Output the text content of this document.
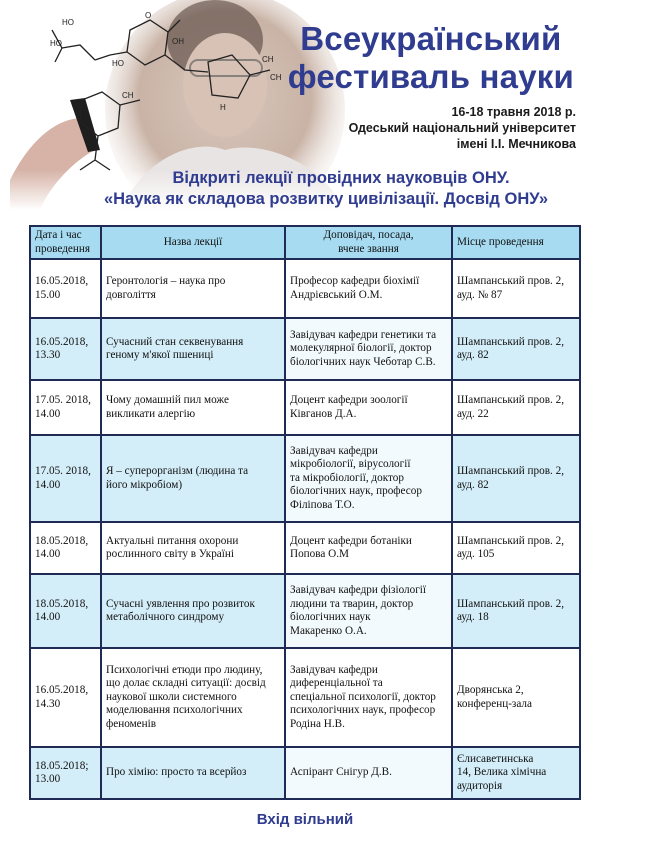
HO
HO
HO
OH
O
CH
CH
H
CH
Всеукраїнський
фестиваль науки
16-18 травня 2018 р.
Одеський національний університет
імені І.І. Мечникова
Відкриті лекції провідних науковців ОНУ.
«Наука як складова розвитку цивілізації. Досвід ОНУ»
Дата і час
проведення	Назва лекції	Доповідач, посада,
вчене звання	Місце проведення
16.05.2018,
15.00	Геронтологія – наука про
довголіття	Професор кафедри біохімії
Андрієвський О.М.	Шампанський пров. 2,
ауд. № 87
16.05.2018,
13.30	Сучасний стан секвенування
геному м'якої пшениці	Завідувач кафедри генетики та
молекулярної біології, доктор
біологічних наук Чеботар С.В.	Шампанський пров. 2,
ауд. 82
17.05. 2018,
14.00	Чому домашній пил може
викликати алергію	Доцент кафедри зоології
Ківганов Д.А.	Шампанський пров. 2,
ауд. 22
17.05. 2018,
14.00	Я – суперорганізм (людина та
його мікробіом)	Завідувач кафедри
мікробіології, вірусології
та мікробіології, доктор
біологічних наук, професор
Філіпова Т.О.	Шампанський пров. 2,
ауд. 82
18.05.2018,
14.00	Актуальні питання охорони
рослинного світу в Україні	Доцент кафедри ботаніки
Попова О.М	Шампанський пров. 2,
ауд. 105
18.05.2018,
14.00	Сучасні уявлення про розвиток
метаболічного синдрому	Завідувач кафедри фізіології
людини та тварин, доктор
біологічних наук
Макаренко О.А.	Шампанський пров. 2,
ауд. 18
16.05.2018,
14.30	Психологічні етюди про людину,
що долає складні ситуації: досвід
наукової школи системного
моделювання психологічних
феноменів	Завідувач кафедри
диференціальної та
спеціальної психології, доктор
психологічних наук, професор
Родіна Н.В.	Дворянська 2,
конференц-зала
18.05.2018;
13.00	Про хімію: просто та всерйоз	Аспірант Снігур Д.В.	Єлисаветинська
14, Велика хімічна
аудиторія
Вхід вільний
